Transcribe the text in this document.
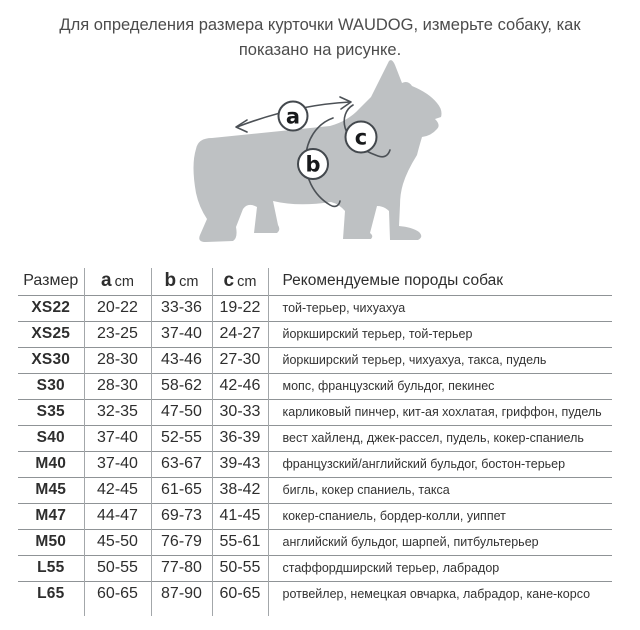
Для определения размера курточки WAUDOG, измерьте собаку, как
показано на рисунке.

a
b
c
Размер	a cm	b cm	c cm	Рекомендуемые породы собак
XS22	20-22	33-36	19-22	той-терьер, чихуахуа
XS25	23-25	37-40	24-27	йоркширский терьер, той-терьер
XS30	28-30	43-46	27-30	йоркширский терьер, чихуахуа, такса, пудель
S30	28-30	58-62	42-46	мопс, французский бульдог, пекинес
S35	32-35	47-50	30-33	карликовый пинчер, кит-ая хохлатая, гриффон, пудель
S40	37-40	52-55	36-39	вест хайленд, джек-рассел, пудель, кокер-спаниель
M40	37-40	63-67	39-43	французский/английский бульдог, бостон-терьер
M45	42-45	61-65	38-42	бигль, кокер спаниель, такса
M47	44-47	69-73	41-45	кокер-спаниель, бордер-колли, уиппет
M50	45-50	76-79	55-61	английский бульдог, шарпей, питбультерьер
L55	50-55	77-80	50-55	стаффордширский терьер, лабрадор
L65	60-65	87-90	60-65	ротвейлер, немецкая овчарка, лабрадор, кане-корсо
